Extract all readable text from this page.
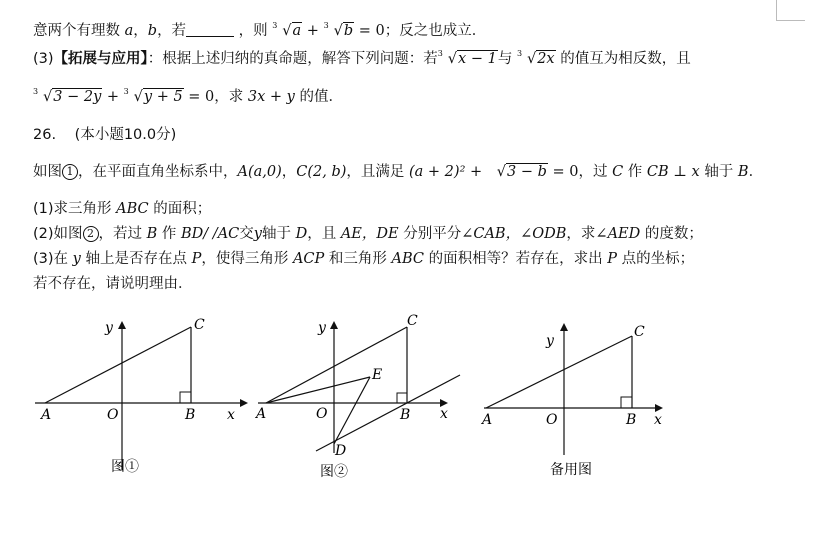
意两个有理数 a，b，若	，则 3 √a + 3 √b = 0；反之也成立．
(3)【拓展与应用】：根据上述归纳的真命题，解答下列问题：若 3 √x − 1与 3 √2x 的值互为相反数，且
3 √3 − 2y + 3 √y + 5 = 0，求 3x + y 的值．
26. (本小题10.0分)
如图 1 ，在平面直角坐标系中，A(a,0)，C(2, b)，且满足 (a + 2)² + √3 − b = 0，过 C 作 CB ⊥ x 轴于 B．
(1)求三角形 ABC 的面积；
(2)如图 2 ，若过 B 作 BD/ /AC交y轴于 D，且 AE，DE 分别平分∠CAB，∠ODB，求∠AED 的度数；
(3)在 y 轴上是否存在点 P，使得三角形 ACP 和三角形 ABC 的面积相等？若存在，求出 P 点的坐标；
若不存在，请说明理由．
A	O	B
C
x
y
图①
A	O	B
C
E
D
x
y
图②
A	O	B
C
x
y
备用图
